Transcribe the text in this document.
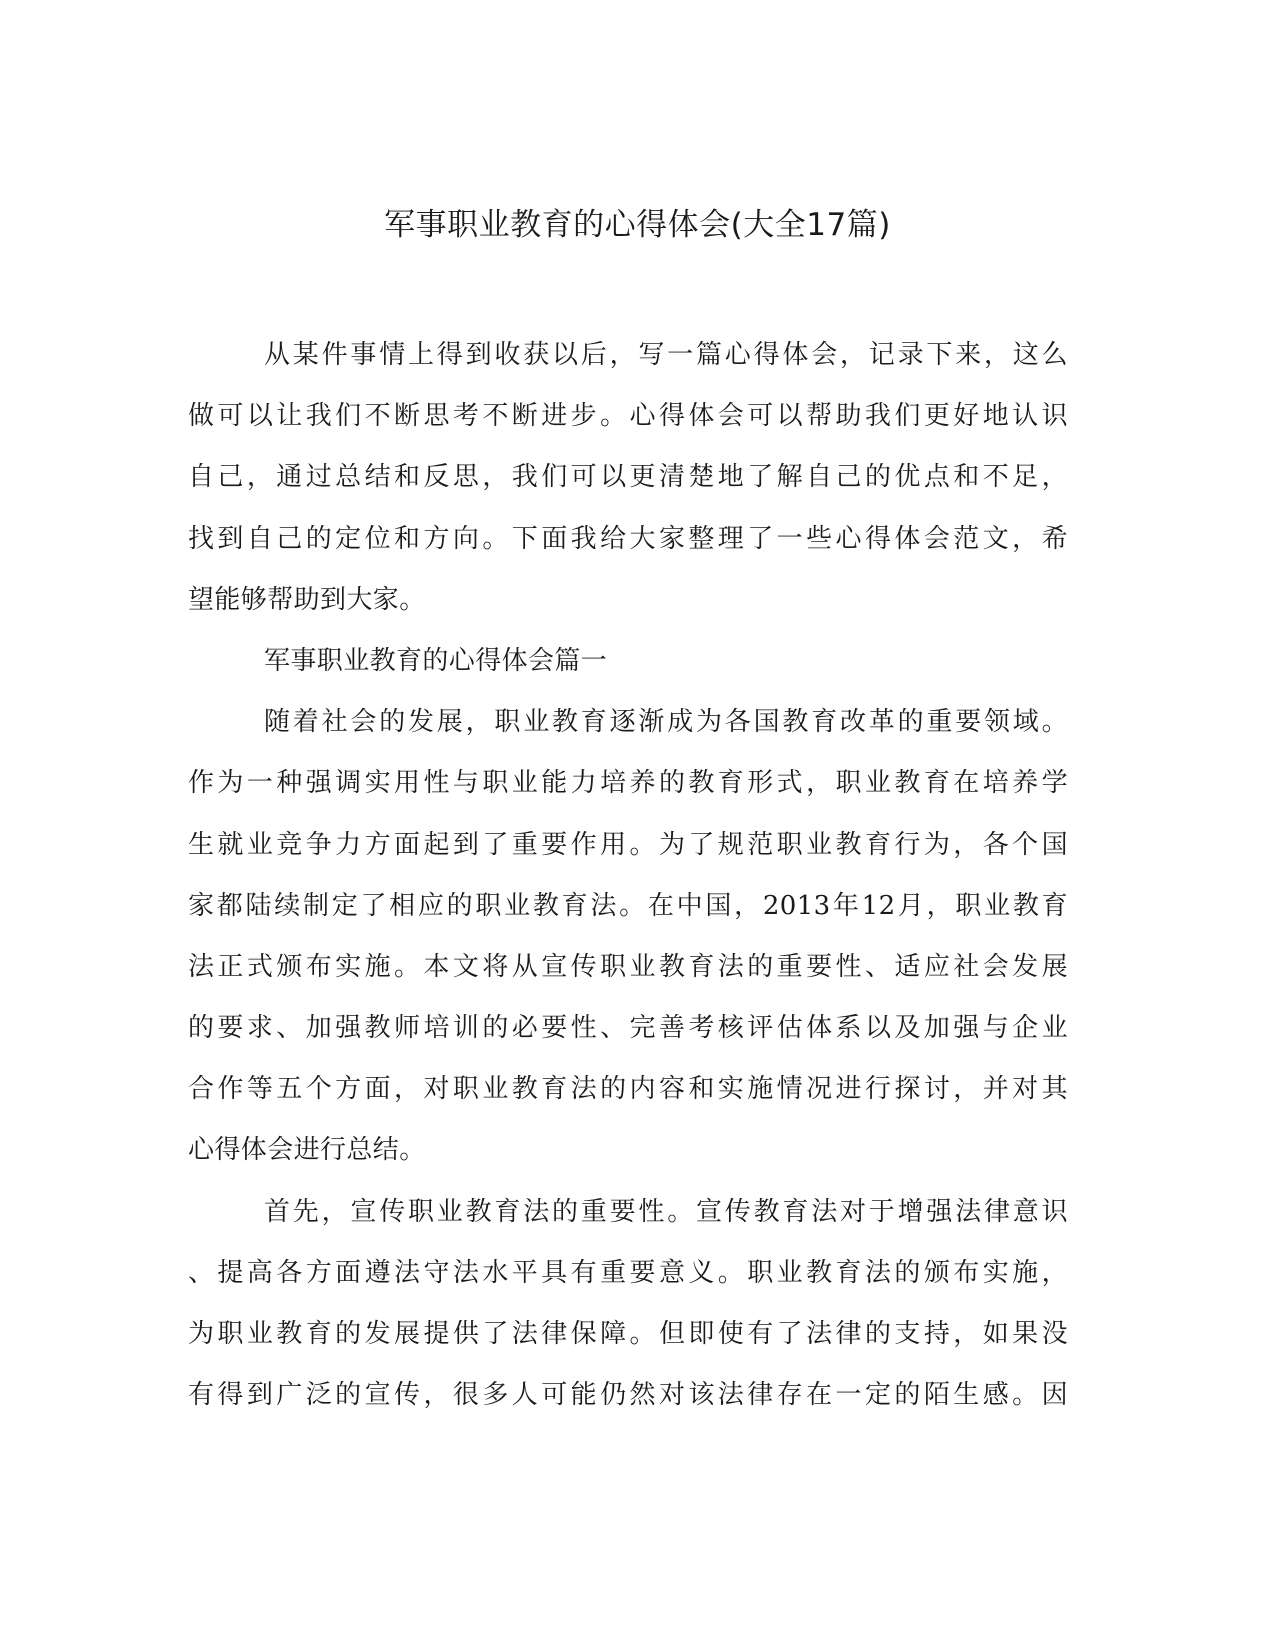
军事职业教育的心得体会(大全17篇)
从某件事情上得到收获以后，写一篇心得体会，记录下来，这么
做可以让我们不断思考不断进步。心得体会可以帮助我们更好地认识
自己，通过总结和反思，我们可以更清楚地了解自己的优点和不足，
找到自己的定位和方向。下面我给大家整理了一些心得体会范文，希
望能够帮助到大家。
军事职业教育的心得体会篇一
随着社会的发展，职业教育逐渐成为各国教育改革的重要领域。
作为一种强调实用性与职业能力培养的教育形式，职业教育在培养学
生就业竞争力方面起到了重要作用。为了规范职业教育行为，各个国
家都陆续制定了相应的职业教育法。在中国，2013年12月，职业教育
法正式颁布实施。本文将从宣传职业教育法的重要性、适应社会发展
的要求、加强教师培训的必要性、完善考核评估体系以及加强与企业
合作等五个方面，对职业教育法的内容和实施情况进行探讨，并对其
心得体会进行总结。
首先，宣传职业教育法的重要性。宣传教育法对于增强法律意识
、提高各方面遵法守法水平具有重要意义。职业教育法的颁布实施，
为职业教育的发展提供了法律保障。但即使有了法律的支持，如果没
有得到广泛的宣传，很多人可能仍然对该法律存在一定的陌生感。因
